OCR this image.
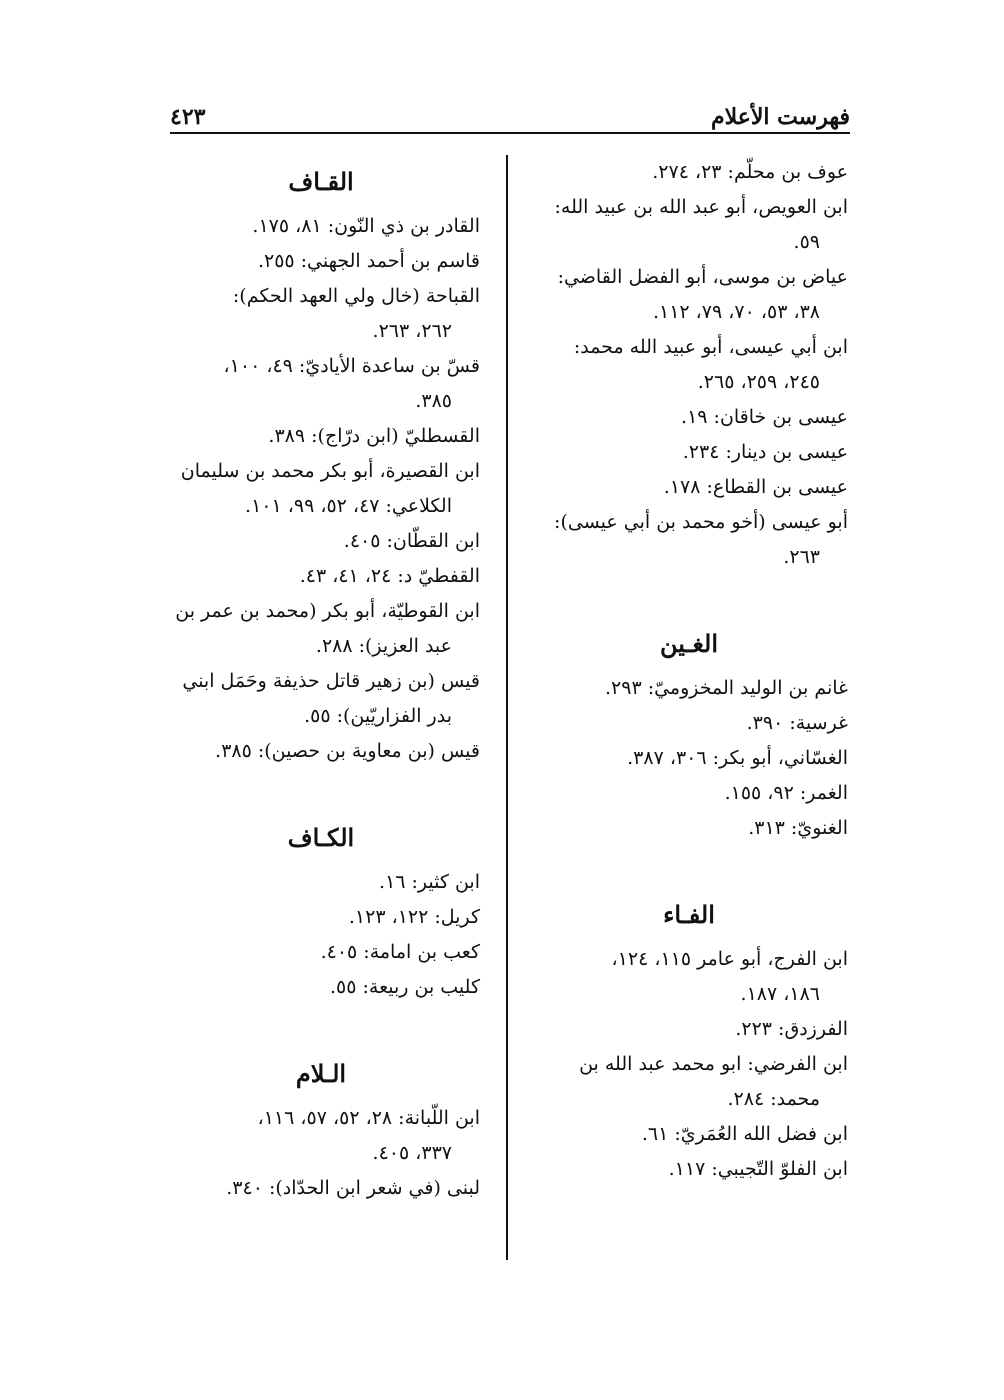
فهرست الأعلام
٤٢٣
عوف بن محلّم: ٢٣، ٢٧٤.
ابن العويص، أبو عبد الله بن عبيد الله:
٥٩.
عياض بن موسى، أبو الفضل القاضي:
٣٨، ٥٣، ٧٠، ٧٩، ١١٢.
ابن أبي عيسى، أبو عبيد الله محمد:
٢٤٥، ٢٥٩، ٢٦٥.
عيسى بن خاقان: ١٩.
عيسى بن دينار: ٢٣٤.
عيسى بن القطاع: ١٧٨.
أبو عيسى (أخو محمد بن أبي عيسى):
٢٦٣.
الغـين
غانم بن الوليد المخزوميّ: ٢٩٣.
غرسية: ٣٩٠.
الغسّاني، أبو بكر: ٣٠٦، ٣٨٧.
الغمر: ٩٢، ١٥٥.
الغنويّ: ٣١٣.
الفـاء
ابن الفرج، أبو عامر ١١٥، ١٢٤،
١٨٦، ١٨٧.
الفرزدق: ٢٢٣.
ابن الفرضي: ابو محمد عبد الله بن
محمد: ٢٨٤.
ابن فضل الله العُمَريّ: ٦١.
ابن الفلوّ التّجيبي: ١١٧.
القـاف
القادر بن ذي النّون: ٨١، ١٧٥.
قاسم بن أحمد الجهني: ٢٥٥.
القباحة (خال ولي العهد الحكم):
٢٦٢، ٢٦٣.
قسّ بن ساعدة الأياديّ: ٤٩، ١٠٠،
٣٨٥.
القسطليّ (ابن درّاج): ٣٨٩.
ابن القصيرة، أبو بكر محمد بن سليمان
الكلاعي: ٤٧، ٥٢، ٩٩، ١٠١.
ابن القطّان: ٤٠٥.
القفطيّ د: ٢٤، ٤١، ٤٣.
ابن القوطيّة، أبو بكر (محمد بن عمر بن
عبد العزيز): ٢٨٨.
قيس (بن زهير قاتل حذيفة وحَمَل ابني
بدر الفزاريّين): ٥٥.
قيس (بن معاوية بن حصين): ٣٨٥.
الكـاف
ابن كثير: ١٦.
كريل: ١٢٢، ١٢٣.
كعب بن امامة: ٤٠٥.
كليب بن ربيعة: ٥٥.
الـلام
ابن اللّبانة: ٢٨، ٥٢، ٥٧، ١١٦،
٣٣٧، ٤٠٥.
لبنى (في شعر ابن الحدّاد): ٣٤٠.
